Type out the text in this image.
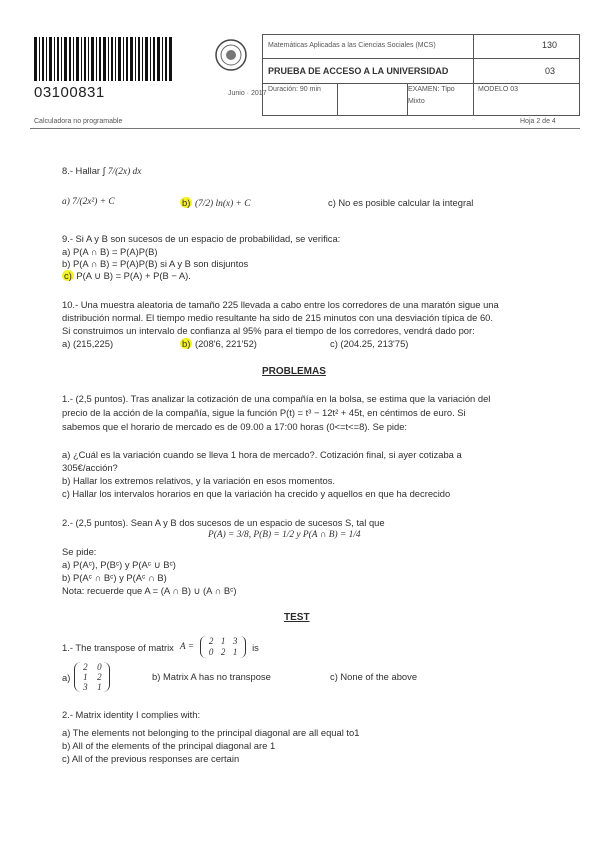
03100831	Junio · 2017
Matemáticas Aplicadas a las Ciencias Sociales (MCS)	130
PRUEBA DE ACCESO A LA UNIVERSIDAD	03
Duración: 90 min	EXAMEN: Tipo
Mixto
MODELO 03
Calculadora no programable	Hoja 2 de 4
8.- Hallar ∫ 7/(2x) dx
a) 7/(2x²) + C	b) (7/2) ln(x) + C	c) No es posible calcular la integral
9.- Si A y B son sucesos de un espacio de probabilidad, se verifica:
a) P(A ∩ B) = P(A)P(B)
b) P(A ∩ B) = P(A)P(B) si A y B son disjuntos
c) P(A ∪ B) = P(A) + P(B − A).
10.- Una muestra aleatoria de tamaño 225 llevada a cabo entre los corredores de una maratón sigue una
distribución normal. El tiempo medio resultante ha sido de 215 minutos con una desviación típica de 60.
Si construimos un intervalo de confianza al 95% para el tiempo de los corredores, vendrá dado por:
a) (215,225)	b) (208'6, 221'52)	c) (204.25, 213'75)
PROBLEMAS
1.- (2,5 puntos). Tras analizar la cotización de una compañía en la bolsa, se estima que la variación del
precio de la acción de la compañía, sigue la función P(t) = t³ − 12t² + 45t, en céntimos de euro. Si
sabemos que el horario de mercado es de 09.00 a 17:00 horas (0<=t<=8). Se pide:
a) ¿Cuál es la variación cuando se lleva 1 hora de mercado?. Cotización final, si ayer cotizaba a
305€/acción?
b) Hallar los extremos relativos, y la variación en esos momentos.
c) Hallar los intervalos horarios en que la variación ha crecido y aquellos en que ha decrecido
2.- (2,5 puntos). Sean A y B dos sucesos de un espacio de sucesos S, tal que
P(A) = 3/8, P(B) = 1/2 y P(A ∩ B) = 1/4
Se pide:
a) P(Aᶜ), P(Bᶜ) y P(Aᶜ ∪ Bᶜ)
b) P(Aᶜ ∩ Bᶜ) y P(Aᶜ ∩ B)
Nota: recuerde que A = (A ∩ B) ∪ (A ∩ Bᶜ)
TEST
1.- The transpose of matrix A =
2 1 3
0 2 1	is
a)
2	0
1	2
3	1
b) Matrix A has no transpose	c) None of the above
2.- Matrix identity I complies with:
a) The elements not belonging to the principal diagonal are all equal to1
b) All of the elements of the principal diagonal are 1
c) All of the previous responses are certain
